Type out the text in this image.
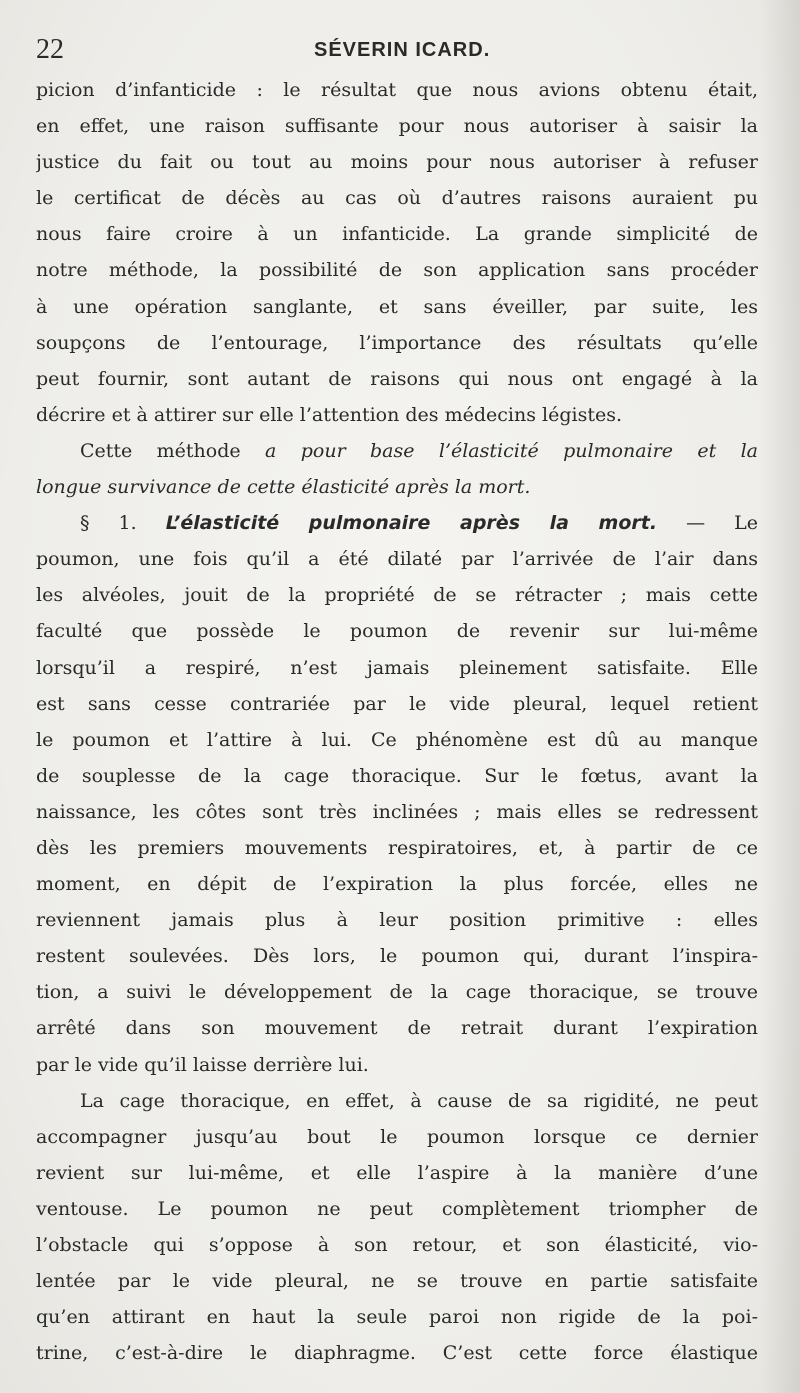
22	SÉVERIN ICARD.
picion d’infanticide : le résultat que nous avions obtenu était,
en effet, une raison suffisante pour nous autoriser à saisir la
justice du fait ou tout au moins pour nous autoriser à refuser
le certificat de décès au cas où d’autres raisons auraient pu
nous faire croire à un infanticide. La grande simplicité de
notre méthode, la possibilité de son application sans procéder
à une opération sanglante, et sans éveiller, par suite, les
soupçons de l’entourage, l’importance des résultats qu’elle
peut fournir, sont autant de raisons qui nous ont engagé à la
décrire et à attirer sur elle l’attention des médecins légistes.
Cette méthode a pour base l’élasticité pulmonaire et la
longue survivance de cette élasticité après la mort.
§ 1. L’élasticité pulmonaire après la mort. — Le
poumon, une fois qu’il a été dilaté par l’arrivée de l’air dans
les alvéoles, jouit de la propriété de se rétracter ; mais cette
faculté que possède le poumon de revenir sur lui-même
lorsqu’il a respiré, n’est jamais pleinement satisfaite. Elle
est sans cesse contrariée par le vide pleural, lequel retient
le poumon et l’attire à lui. Ce phénomène est dû au manque
de souplesse de la cage thoracique. Sur le fœtus, avant la
naissance, les côtes sont très inclinées ; mais elles se redressent
dès les premiers mouvements respiratoires, et, à partir de ce
moment, en dépit de l’expiration la plus forcée, elles ne
reviennent jamais plus à leur position primitive : elles
restent soulevées. Dès lors, le poumon qui, durant l’inspira-
tion, a suivi le développement de la cage thoracique, se trouve
arrêté dans son mouvement de retrait durant l’expiration
par le vide qu’il laisse derrière lui.
La cage thoracique, en effet, à cause de sa rigidité, ne peut
accompagner jusqu’au bout le poumon lorsque ce dernier
revient sur lui-même, et elle l’aspire à la manière d’une
ventouse. Le poumon ne peut complètement triompher de
l’obstacle qui s’oppose à son retour, et son élasticité, vio-
lentée par le vide pleural, ne se trouve en partie satisfaite
qu’en attirant en haut la seule paroi non rigide de la poi-
trine, c’est-à-dire le diaphragme. C’est cette force élastique
